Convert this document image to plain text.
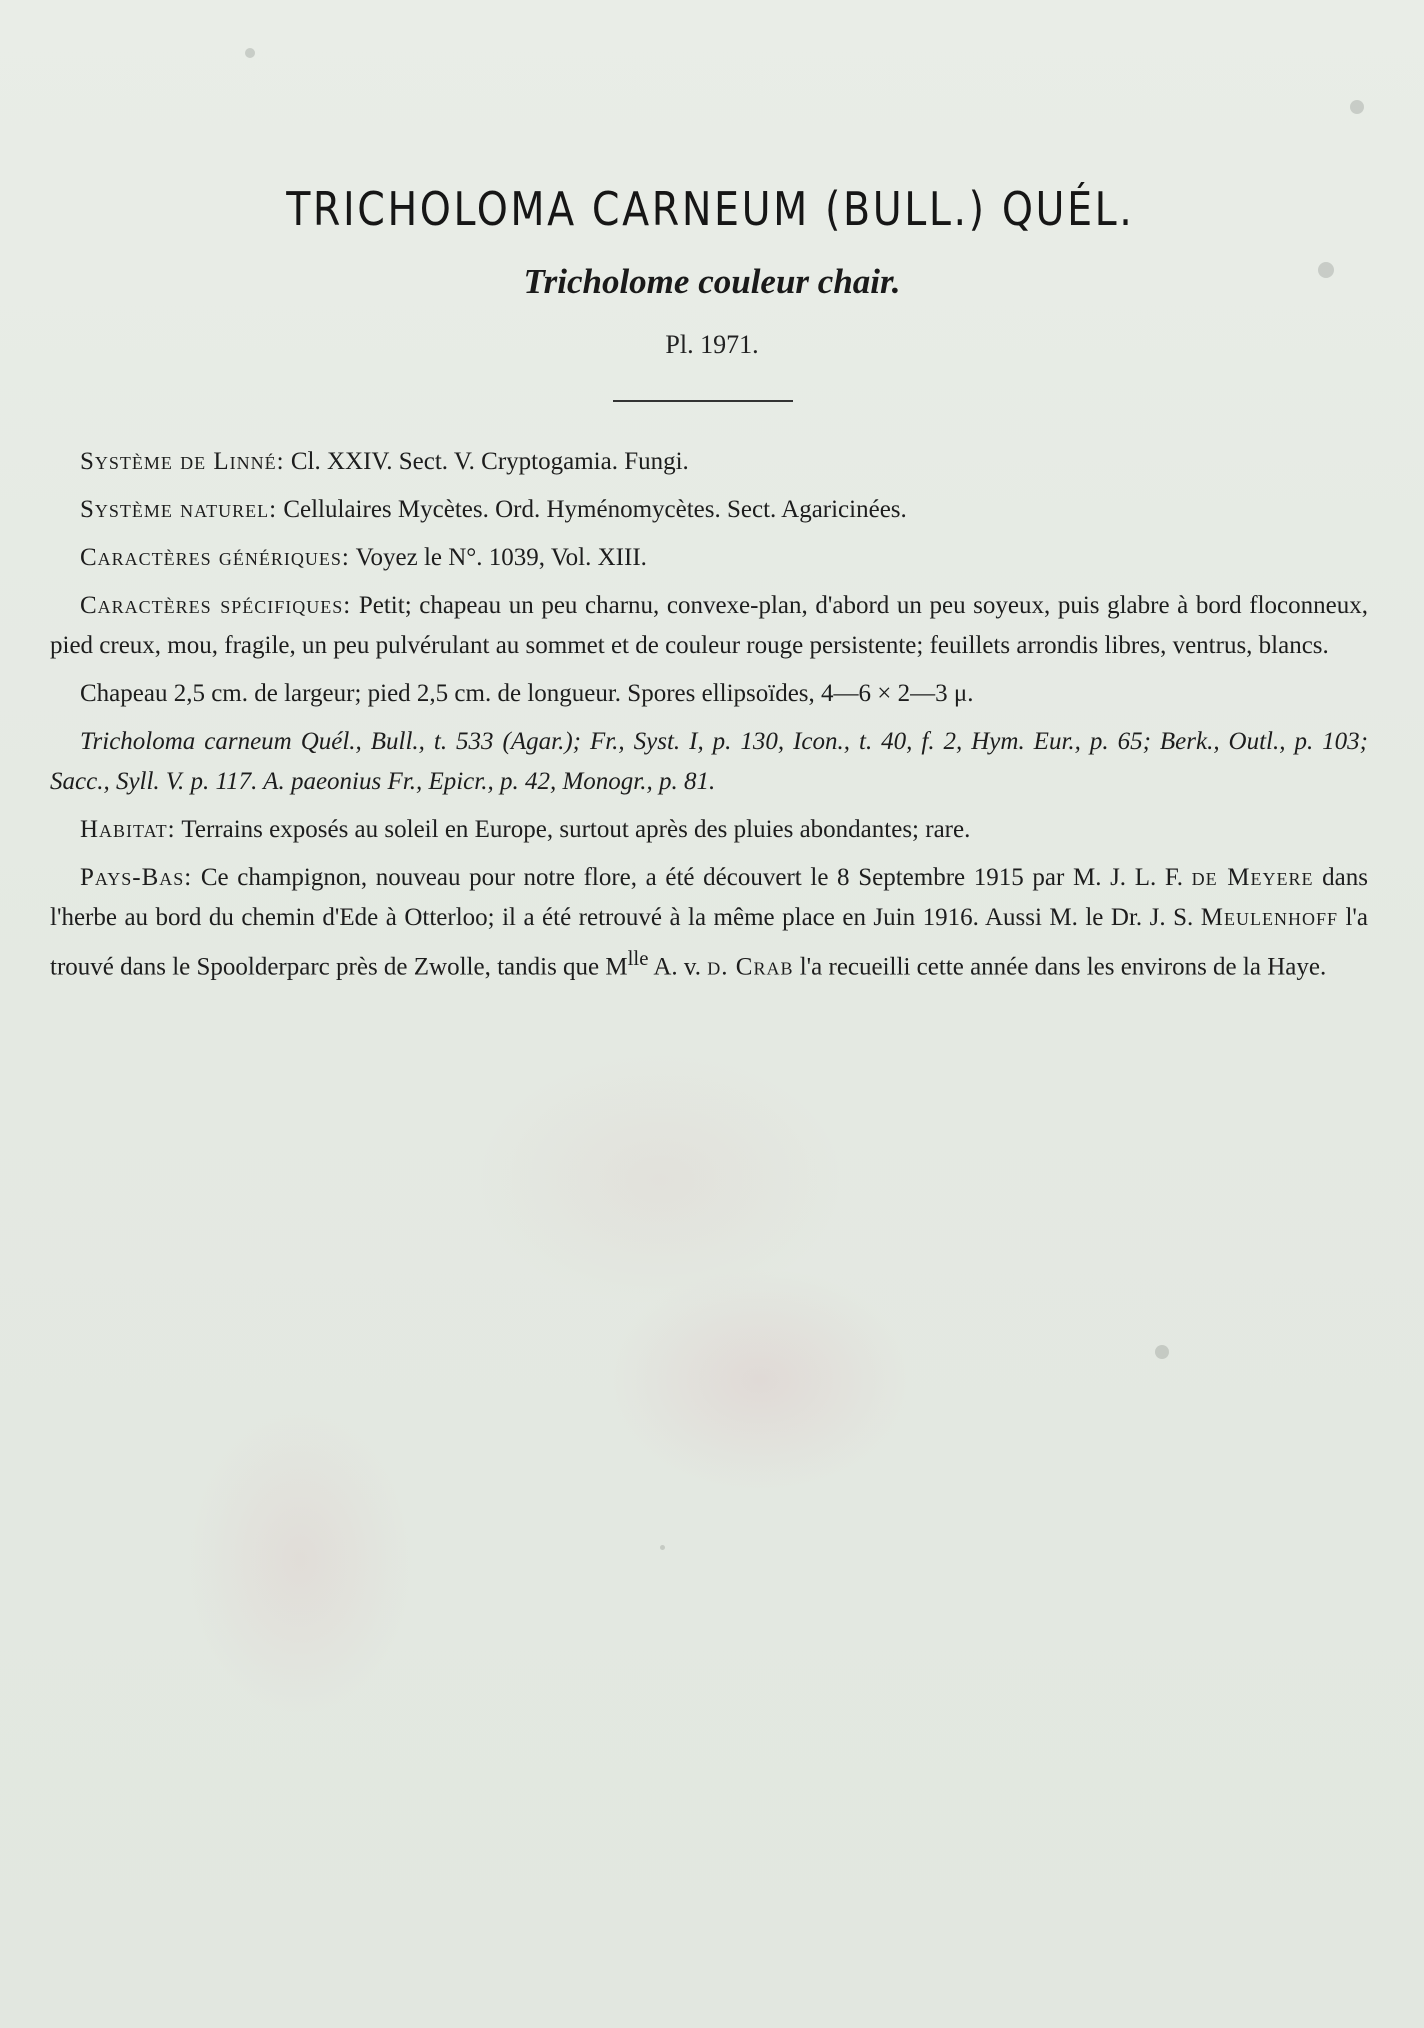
TRICHOLOMA CARNEUM (BULL.) QUÉL.
Tricholome couleur chair.
Pl. 1971.

Système de Linné: Cl. XXIV. Sect. V. Cryptogamia. Fungi.

Système naturel: Cellulaires Mycètes. Ord. Hyménomycètes. Sect. Agaricinées.

Caractères génériques: Voyez le N°. 1039, Vol. XIII.

Caractères spécifiques: Petit; chapeau un peu charnu, convexe-plan, d'abord un peu soyeux, puis glabre à bord floconneux, pied creux, mou, fragile, un peu pulvérulant au sommet et de couleur rouge persistente; feuillets arrondis libres, ventrus, blancs.

Chapeau 2,5 cm. de largeur; pied 2,5 cm. de longueur. Spores ellipsoïdes, 4—6 × 2—3 μ.

Tricholoma carneum Quél., Bull., t. 533 (Agar.); Fr., Syst. I, p. 130, Icon., t. 40, f. 2, Hym. Eur., p. 65; Berk., Outl., p. 103; Sacc., Syll. V. p. 117. A. paeonius Fr., Epicr., p. 42, Monogr., p. 81.

Habitat: Terrains exposés au soleil en Europe, surtout après des pluies abondantes; rare.

Pays-Bas: Ce champignon, nouveau pour notre flore, a été découvert le 8 Septembre 1915 par M. J. L. F. de Meyere dans l'herbe au bord du chemin d'Ede à Otterloo; il a été retrouvé à la même place en Juin 1916. Aussi M. le Dr. J. S. Meulenhoff l'a trouvé dans le Spoolderparc près de Zwolle, tandis que $M^{lle}$ A. v. d. Crab l'a recueilli cette année dans les environs de la Haye.
